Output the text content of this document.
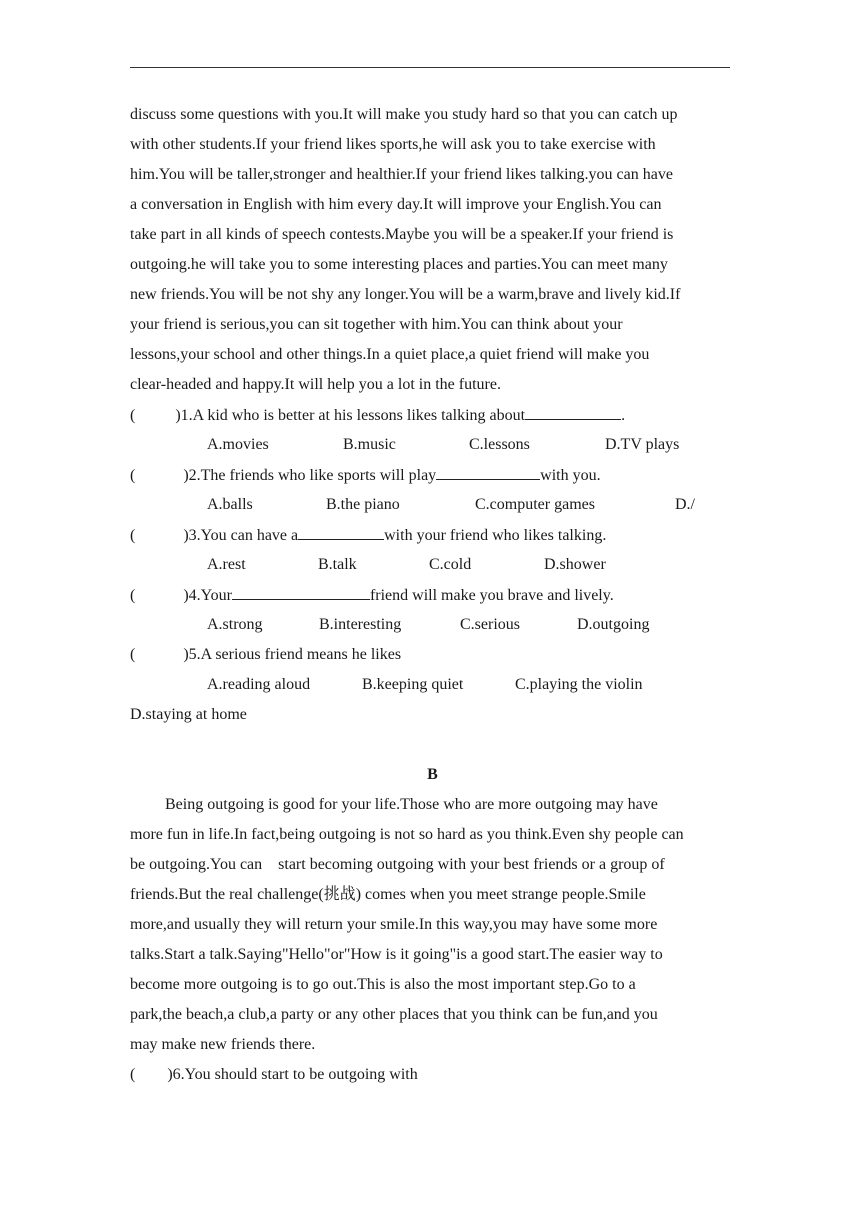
discuss some questions with you.It will make you study hard so that you can catch up
with other students.If your friend likes sports,he will ask you to take exercise with
him.You will be taller,stronger and healthier.If your friend likes talking.you can have
a conversation in English with him every day.It will improve your English.You can
take part in all kinds of speech contests.Maybe you will be a speaker.If your friend is
outgoing.he will take you to some interesting places and parties.You can meet many
new friends.You will be not shy any longer.You will be a warm,brave and lively kid.If
your friend is serious,you can sit together with him.You can think about your
lessons,your school and other things.In a quiet place,a quiet friend will make you
clear-headed and happy.It will help you a lot in the future.
(          )1.A kid who is better at his lessons likes talking about	.
A.movies	B.music	C.lessons	D.TV plays
(            )2.The friends who like sports will play	with you.
A.balls	B.the piano	C.computer games	D./
(            )3.You can have a	with your friend who likes talking.
A.rest	B.talk	C.cold	D.shower
(            )4.Your	friend will make you brave and lively.
A.strong	B.interesting	C.serious	D.outgoing
(            )5.A serious friend means he likes
A.reading aloud	B.keeping quiet	C.playing the violin
D.staying at home
B
Being outgoing is good for your life.Those who are more outgoing may have
more fun in life.In fact,being outgoing is not so hard as you think.Even shy people can
be outgoing.You can    start becoming outgoing with your best friends or a group of
friends.But the real challenge(挑战) comes when you meet strange people.Smile
more,and usually they will return your smile.In this way,you may have some more
talks.Start a talk.Saying"Hello"or"How is it going"is a good start.The easier way to
become more outgoing is to go out.This is also the most important step.Go to a
park,the beach,a club,a party or any other places that you think can be fun,and you
may make new friends there.
(        )6.You should start to be outgoing with
